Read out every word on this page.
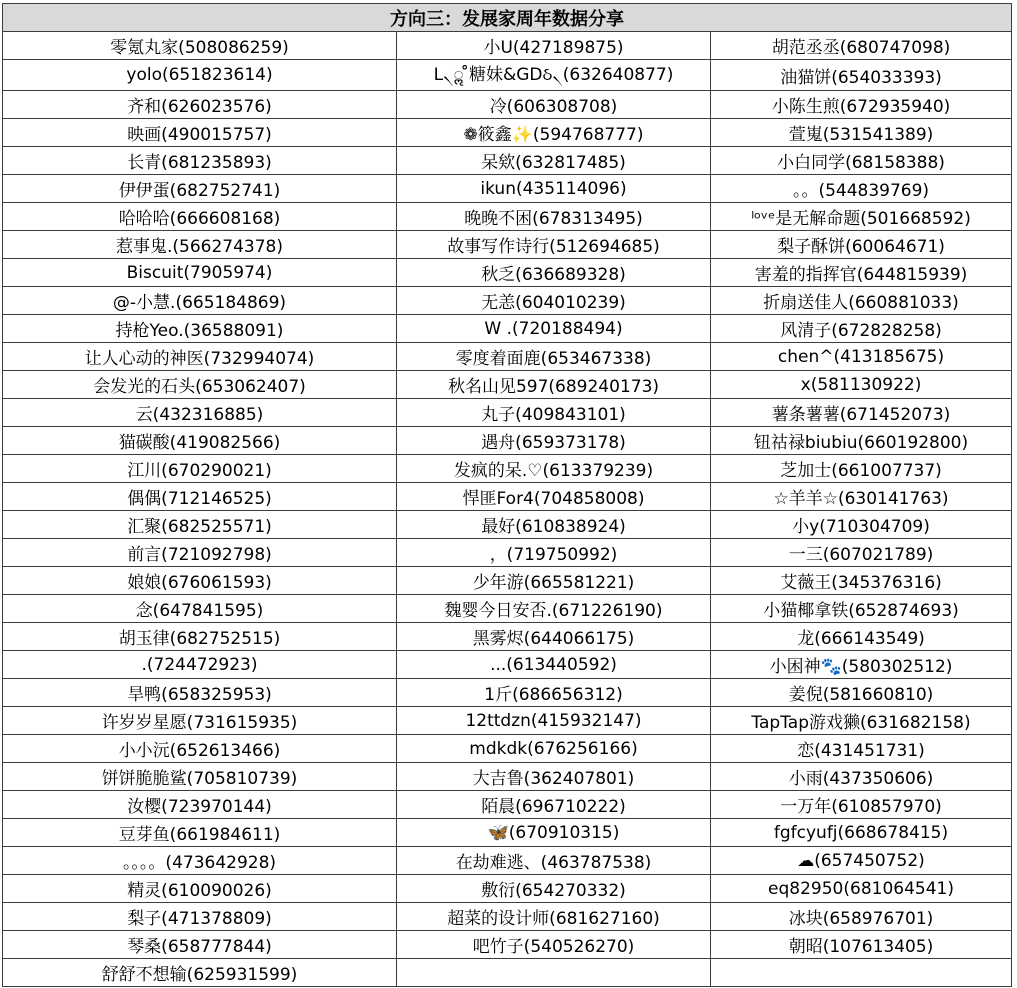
方向三：发展家周年数据分享		
零氪丸家(508086259)	小U(427189875)	胡范丞丞(680747098)
yolo(651823614)	L৲ॢ ̊̊糖妹&GDઠ৲(632640877)	油猫饼(654033393)
齐和(626023576)	冷(606308708)	小陈生煎(672935940)
映画(490015757)	❁筱鑫✨(594768777)	萱嵬(531541389)
长青(681235893)	呆欸(632817485)	小白同学(68158388)
伊伊蛋(682752741)	ikun(435114096)	。。(544839769)
哈哈哈(666608168)	晚晚不困(678313495)	ˡᵒᵛᵉ是无解命题(501668592)
惹事鬼.(566274378)	故事写作诗行(512694685)	梨子酥饼(60064671)
Biscuit(7905974)	秋乏(636689328)	害羞的指挥官(644815939)
@-小慧.(665184869)	无恙(604010239)	折扇送佳人(660881033)
持枪Yeo.(36588091)	W .(720188494)	风清子(672828258)
让人心动的神医(732994074)	零度着面鹿(653467338)	chen^(413185675)
会发光的石头(653062407)	秋名山见597(689240173)	x(581130922)
云(432316885)	丸子(409843101)	薯条薯薯(671452073)
猫碳酸(419082566)	遇舟(659373178)	钮祜禄biubiu(660192800)
江川(670290021)	发疯的呆.♡(613379239)	芝加士(661007737)
偶偶(712146525)	悍匪For4(704858008)	☆羊羊☆(630141763)
汇聚(682525571)	最好(610838924)	小y(710304709)
前言(721092798)	，(719750992)	一三(607021789)
娘娘(676061593)	少年游(665581221)	艾薇王(345376316)
念(647841595)	魏婴今日安否.(671226190)	小猫椰拿铁(652874693)
胡玉律(682752515)	黑雾烬(644066175)	龙(666143549)
.(724472923)	...(613440592)	小困神🐾(580302512)
旱鸭(658325953)	1斤(686656312)	姜倪(581660810)
许岁岁星愿(731615935)	12ttdzn(415932147)	TapTap游戏獭(631682158)
小小沅(652613466)	mdkdk(676256166)	恋(431451731)
饼饼脆脆鲨(705810739)	大吉鲁(362407801)	小雨(437350606)
汝樱(723970144)	陌晨(696710222)	一万年(610857970)
豆芽鱼(661984611)	🦋(670910315)	fgfcyufj(668678415)
。。。。(473642928)	在劫难逃、(463787538)	☁(657450752)
精灵(610090026)	敷衍(654270332)	eq82950(681064541)
梨子(471378809)	超菜的设计师(681627160)	冰块(658976701)
琴桑(658777844)	吧竹子(540526270)	朝昭(107613405)
舒舒不想输(625931599)		
